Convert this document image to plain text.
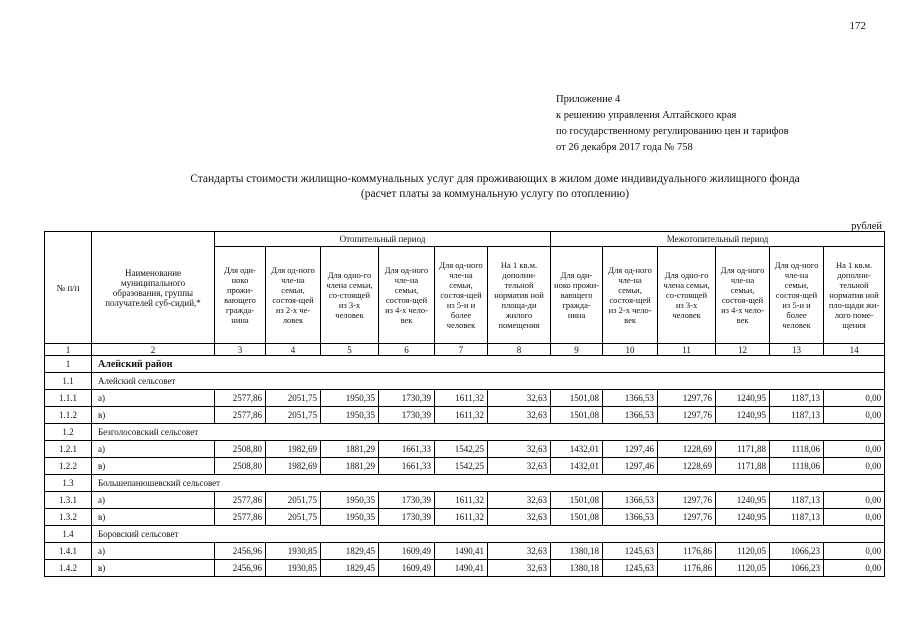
172
Приложение 4
к решению управления Алтайского края
по государственному регулированию цен и тарифов
от 26 декабря 2017 года № 758
Стандарты стоимости жилищно-коммунальных услуг для проживающих в жилом доме индивидуального жилищного фонда
(расчет платы за коммунальную услугу по отоплению)
рублей
№ п/п	Наименование муниципального образования, группы получателей суб-сидий,*	Отопительный период						Межотопительный период					
		Для оди-ноко прожи-вающего гражда-нина	Для од-ного чле-на семьи, состоя-щей из 2-х че-ловек	Для одно-го члена семьи, со-стоящей из 3-х человек	Для од-ного чле-на семьи, состоя-щей из 4-х чело-век	Для од-ного чле-на семьи, состоя-щей из 5-и и более человек	На 1 кв.м. дополни-тельной норматив ной площа-ди жилого помещения	Для оди-ноко прожи-вающего гражда-нина	Для од-ного чле-на семьи, состоя-щей из 2-х чело-век	Для одно-го члена семьи, со-стоящей из 3-х человек	Для од-ного чле-на семьи, состоя-щей из 4-х чело-век	Для од-ного чле-на семьи, состоя-щей из 5-и и более человек	На 1 кв.м. дополни-тельной норматив ной пло-щади жи-лого поме-щения
1	2	3	4	5	6	7	8	9	10	11	12	13	14
1	Алейский район												
1.1	Алейский сельсовет												
1.1.1	а)	2577,86	2051,75	1950,35	1730,39	1611,32	32,63	1501,08	1366,53	1297,76	1240,95	1187,13	0,00
1.1.2	в)	2577,86	2051,75	1950,35	1730,39	1611,32	32,63	1501,08	1366,53	1297,76	1240,95	1187,13	0,00
1.2	Безголосовский сельсовет												
1.2.1	а)	2508,80	1982,69	1881,29	1661,33	1542,25	32,63	1432,01	1297,46	1228,69	1171,88	1118,06	0,00
1.2.2	в)	2508,80	1982,69	1881,29	1661,33	1542,25	32,63	1432,01	1297,46	1228,69	1171,88	1118,06	0,00
1.3	Большепанюшевский сельсовет												
1.3.1	а)	2577,86	2051,75	1950,35	1730,39	1611,32	32,63	1501,08	1366,53	1297,76	1240,95	1187,13	0,00
1.3.2	в)	2577,86	2051,75	1950,35	1730,39	1611,32	32,63	1501,08	1366,53	1297,76	1240,95	1187,13	0,00
1.4	Боровский сельсовет												
1.4.1	а)	2456,96	1930,85	1829,45	1609,49	1490,41	32,63	1380,18	1245,63	1176,86	1120,05	1066,23	0,00
1.4.2	в)	2456,96	1930,85	1829,45	1609,49	1490,41	32,63	1380,18	1245,63	1176,86	1120,05	1066,23	0,00
